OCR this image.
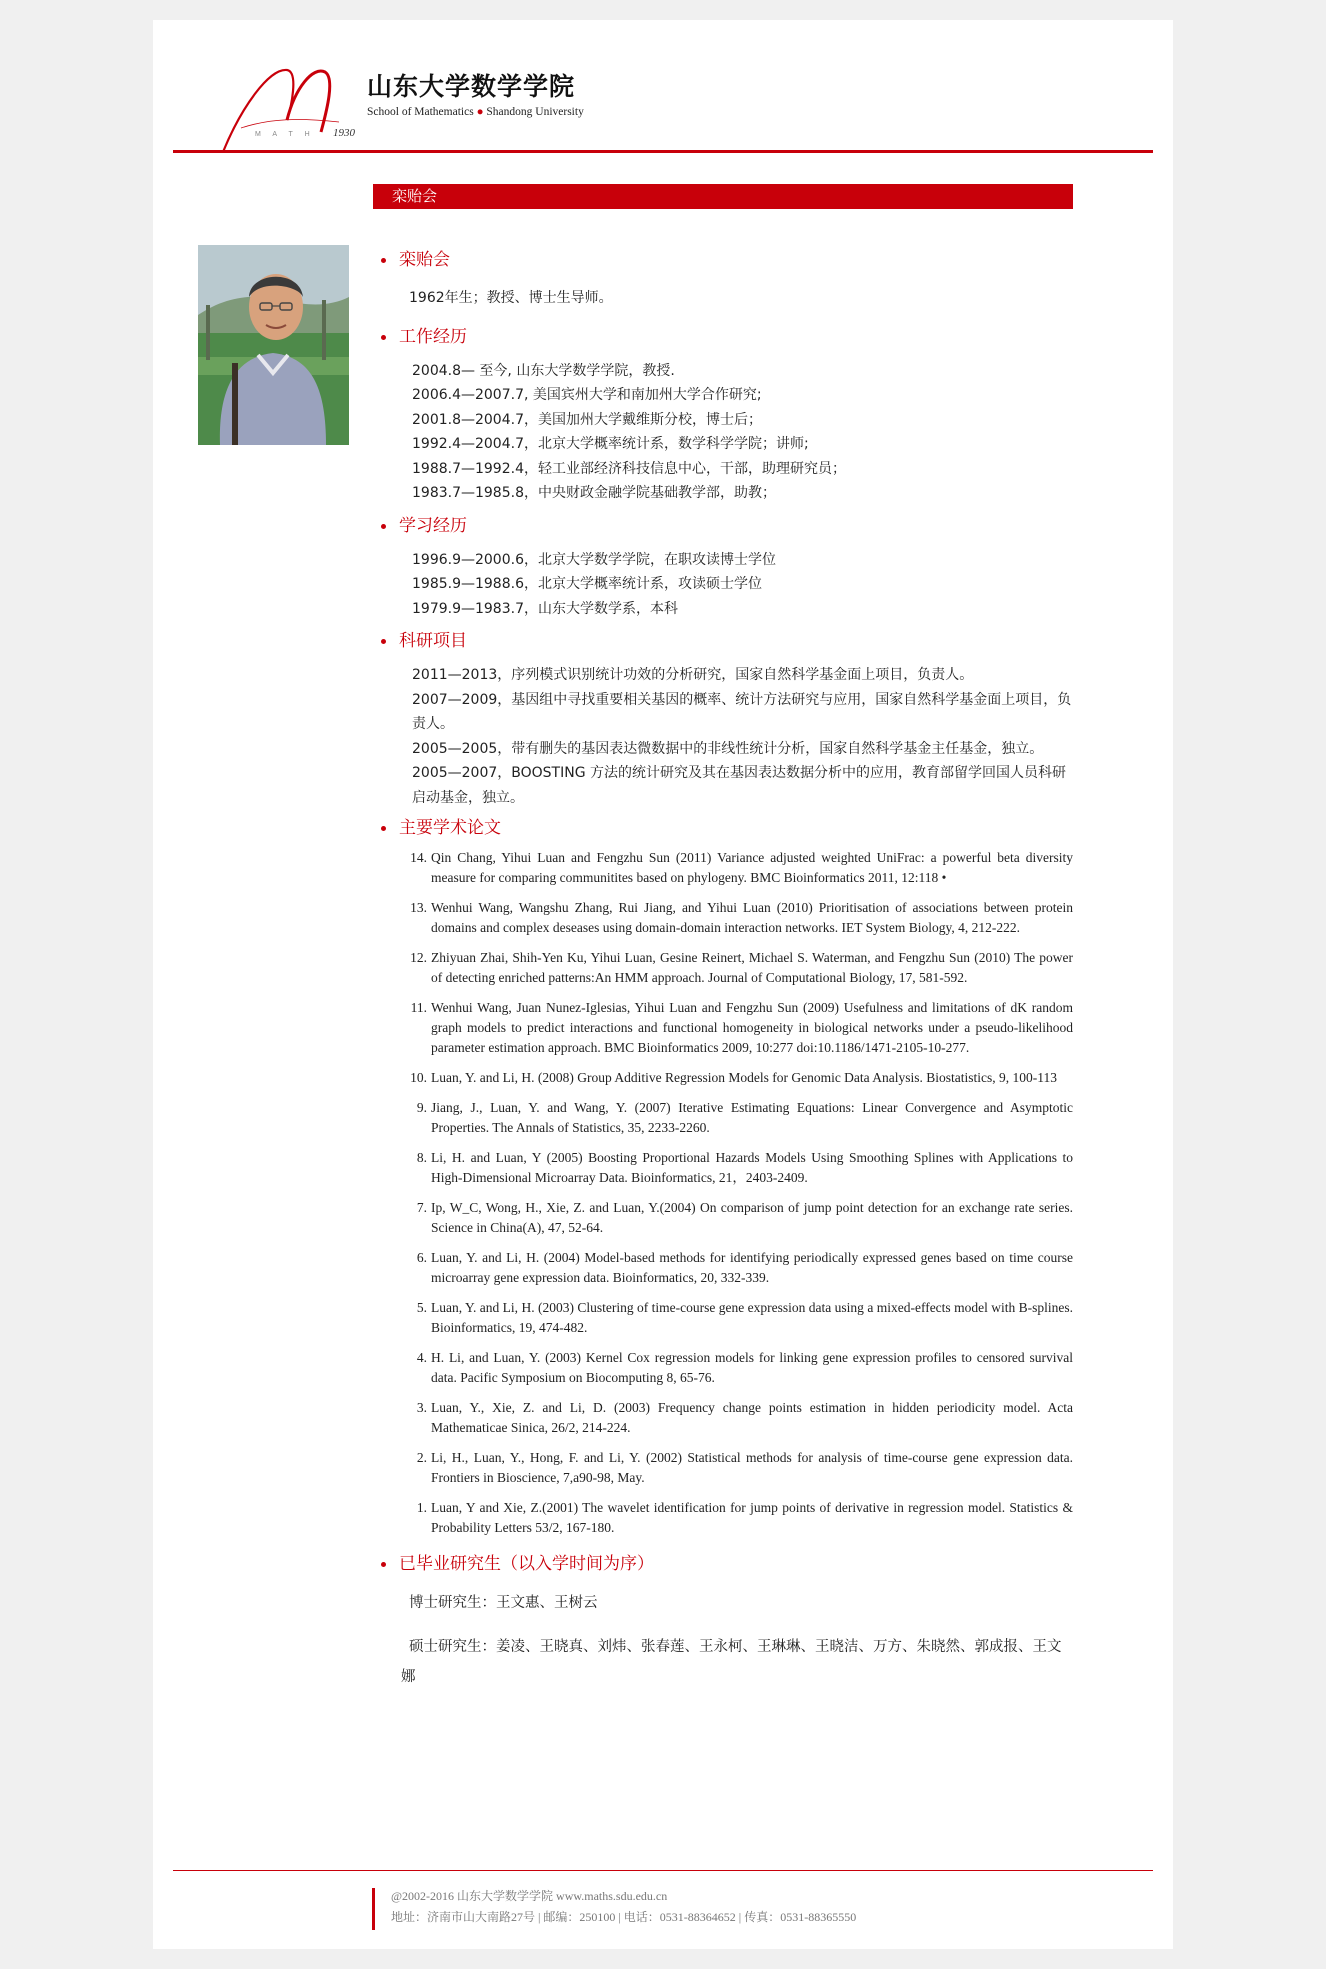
M A T H 1930
山东大学数学学院
School of Mathematics ● Shandong University
栾贻会
栾贻会
1962年生；教授、博士生导师。
工作经历
2004.8— 至今, 山东大学数学学院，教授.
2006.4—2007.7, 美国宾州大学和南加州大学合作研究;
2001.8—2004.7，美国加州大学戴维斯分校，博士后；
1992.4—2004.7，北京大学概率统计系，数学科学学院；讲师;
1988.7—1992.4，轻工业部经济科技信息中心，干部，助理研究员；
1983.7—1985.8，中央财政金融学院基础教学部，助教；
学习经历
1996.9—2000.6，北京大学数学学院，在职攻读博士学位
1985.9—1988.6，北京大学概率统计系，攻读硕士学位
1979.9—1983.7，山东大学数学系，本科
科研项目

2011—2013，序列模式识别统计功效的分析研究，国家自然科学基金面上项目，负责人。

2007—2009，基因组中寻找重要相关基因的概率、统计方法研究与应用，国家自然科学基金面上项目，负责人。

2005—2005，带有删失的基因表达微数据中的非线性统计分析，国家自然科学基金主任基金，独立。

2005—2007，BOOSTING 方法的统计研究及其在基因表达数据分析中的应用，教育部留学回国人员科研启动基金，独立。

主要学术论文
14. Qin Chang, Yihui Luan and Fengzhu Sun (2011) Variance adjusted weighted UniFrac: a powerful beta diversity measure for comparing communitites based on phylogeny. BMC Bioinformatics 2011, 12:118 •
13. Wenhui Wang, Wangshu Zhang, Rui Jiang, and Yihui Luan (2010) Prioritisation of associations between protein domains and complex deseases using domain-domain interaction networks. IET System Biology, 4, 212-222.
12. Zhiyuan Zhai, Shih-Yen Ku, Yihui Luan, Gesine Reinert, Michael S. Waterman, and Fengzhu Sun (2010) The power of detecting enriched patterns:An HMM approach. Journal of Computational Biology, 17, 581-592.
11. Wenhui Wang, Juan Nunez-Iglesias, Yihui Luan and Fengzhu Sun (2009) Usefulness and limitations of dK random graph models to predict interactions and functional homogeneity in biological networks under a pseudo-likelihood parameter estimation approach. BMC Bioinformatics 2009, 10:277 doi:10.1186/1471-2105-10-277.
10. Luan, Y. and Li, H. (2008) Group Additive Regression Models for Genomic Data Analysis. Biostatistics, 9, 100-113
9. Jiang, J., Luan, Y. and Wang, Y. (2007) Iterative Estimating Equations: Linear Convergence and Asymptotic Properties. The Annals of Statistics, 35, 2233-2260.
8. Li, H. and Luan, Y (2005) Boosting Proportional Hazards Models Using Smoothing Splines with Applications to High-Dimensional Microarray Data. Bioinformatics, 21，2403-2409.
7. Ip, W_C, Wong, H., Xie, Z. and Luan, Y.(2004) On comparison of jump point detection for an exchange rate series. Science in China(A), 47, 52-64.
6. Luan, Y. and Li, H. (2004) Model-based methods for identifying periodically expressed genes based on time course microarray gene expression data. Bioinformatics, 20, 332-339.
5. Luan, Y. and Li, H. (2003) Clustering of time-course gene expression data using a mixed-effects model with B-splines. Bioinformatics, 19, 474-482.
4. H. Li, and Luan, Y. (2003) Kernel Cox regression models for linking gene expression profiles to censored survival data. Pacific Symposium on Biocomputing 8, 65-76.
3. Luan, Y., Xie, Z. and Li, D. (2003) Frequency change points estimation in hidden periodicity model. Acta Mathematicae Sinica, 26/2, 214-224.
2. Li, H., Luan, Y., Hong, F. and Li, Y. (2002) Statistical methods for analysis of time-course gene expression data. Frontiers in Bioscience, 7,a90-98, May.
1. Luan, Y and Xie, Z.(2001) The wavelet identification for jump points of derivative in regression model. Statistics & Probability Letters 53/2, 167-180.
已毕业研究生（以入学时间为序）
博士研究生：王文惠、王树云
硕士研究生：姜凌、王晓真、刘炜、张春莲、王永柯、王琳琳、王晓洁、万方、朱晓然、郭成报、王文娜
@2002-2016 山东大学数学学院 www.maths.sdu.edu.cn
地址：济南市山大南路27号 | 邮编：250100 | 电话：0531-88364652 | 传真：0531-88365550
